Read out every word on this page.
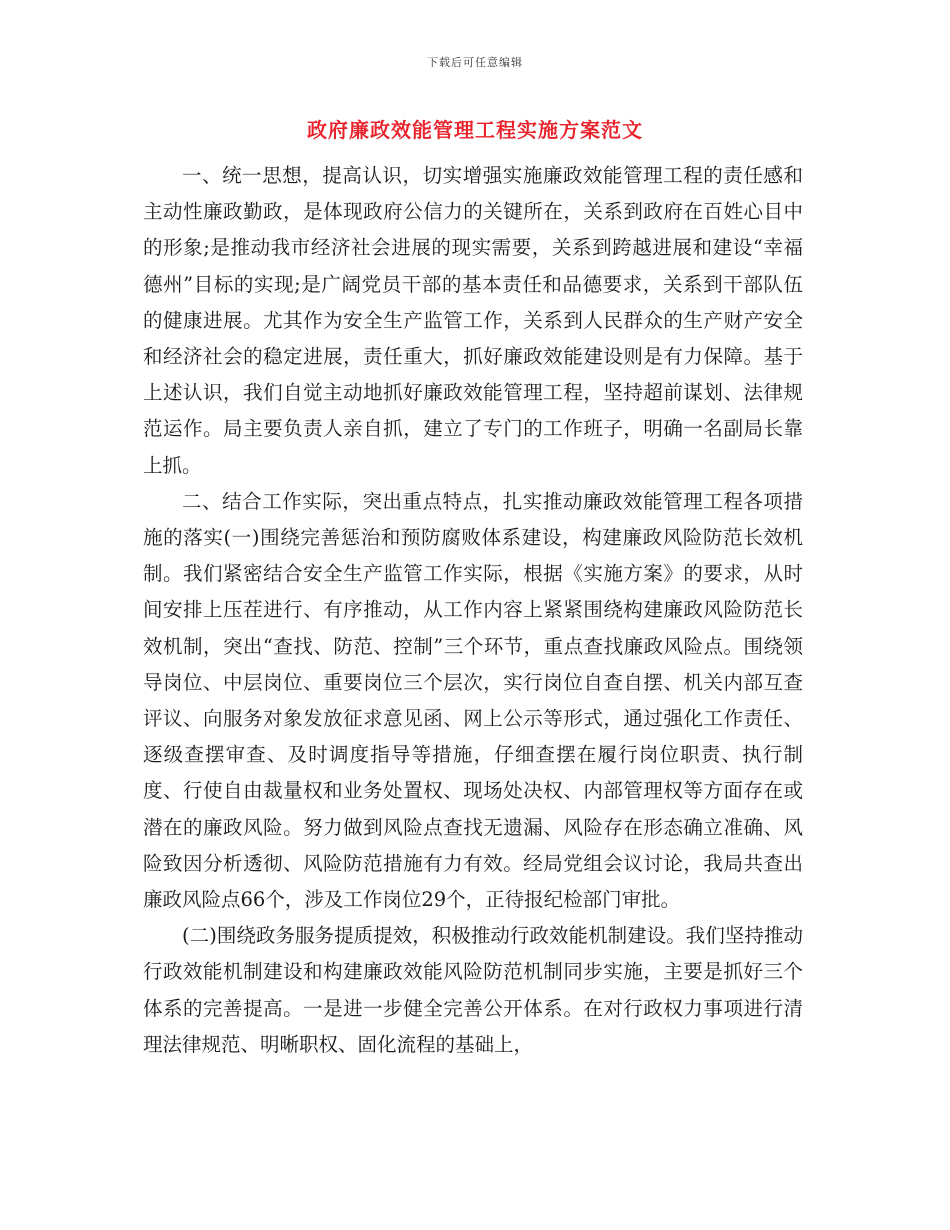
下载后可任意编辑
政府廉政效能管理工程实施方案范文

一、统一思想，提高认识，切实增强实施廉政效能管理工程的责任感和主动性廉政勤政，是体现政府公信力的关键所在，关系到政府在百姓心目中的形象;是推动我市经济社会进展的现实需要，关系到跨越进展和建设“幸福德州”目标的实现;是广阔党员干部的基本责任和品德要求，关系到干部队伍的健康进展。尤其作为安全生产监管工作，关系到人民群众的生产财产安全和经济社会的稳定进展，责任重大，抓好廉政效能建设则是有力保障。基于上述认识，我们自觉主动地抓好廉政效能管理工程，坚持超前谋划、法律规范运作。局主要负责人亲自抓，建立了专门的工作班子，明确一名副局长靠上抓。

二、结合工作实际，突出重点特点，扎实推动廉政效能管理工程各项措施的落实(一)围绕完善惩治和预防腐败体系建设，构建廉政风险防范长效机制。我们紧密结合安全生产监管工作实际，根据《实施方案》的要求，从时间安排上压茬进行、有序推动，从工作内容上紧紧围绕构建廉政风险防范长效机制，突出“查找、防范、控制”三个环节，重点查找廉政风险点。围绕领导岗位、中层岗位、重要岗位三个层次，实行岗位自查自摆、机关内部互查评议、向服务对象发放征求意见函、网上公示等形式，通过强化工作责任、逐级查摆审查、及时调度指导等措施，仔细查摆在履行岗位职责、执行制度、行使自由裁量权和业务处置权、现场处决权、内部管理权等方面存在或潜在的廉政风险。努力做到风险点查找无遗漏、风险存在形态确立准确、风险致因分析透彻、风险防范措施有力有效。经局党组会议讨论，我局共查出廉政风险点66个，涉及工作岗位29个，正待报纪检部门审批。

(二)围绕政务服务提质提效，积极推动行政效能机制建设。我们坚持推动行政效能机制建设和构建廉政效能风险防范机制同步实施，主要是抓好三个体系的完善提高。一是进一步健全完善公开体系。在对行政权力事项进行清理法律规范、明晰职权、固化流程的基础上，
